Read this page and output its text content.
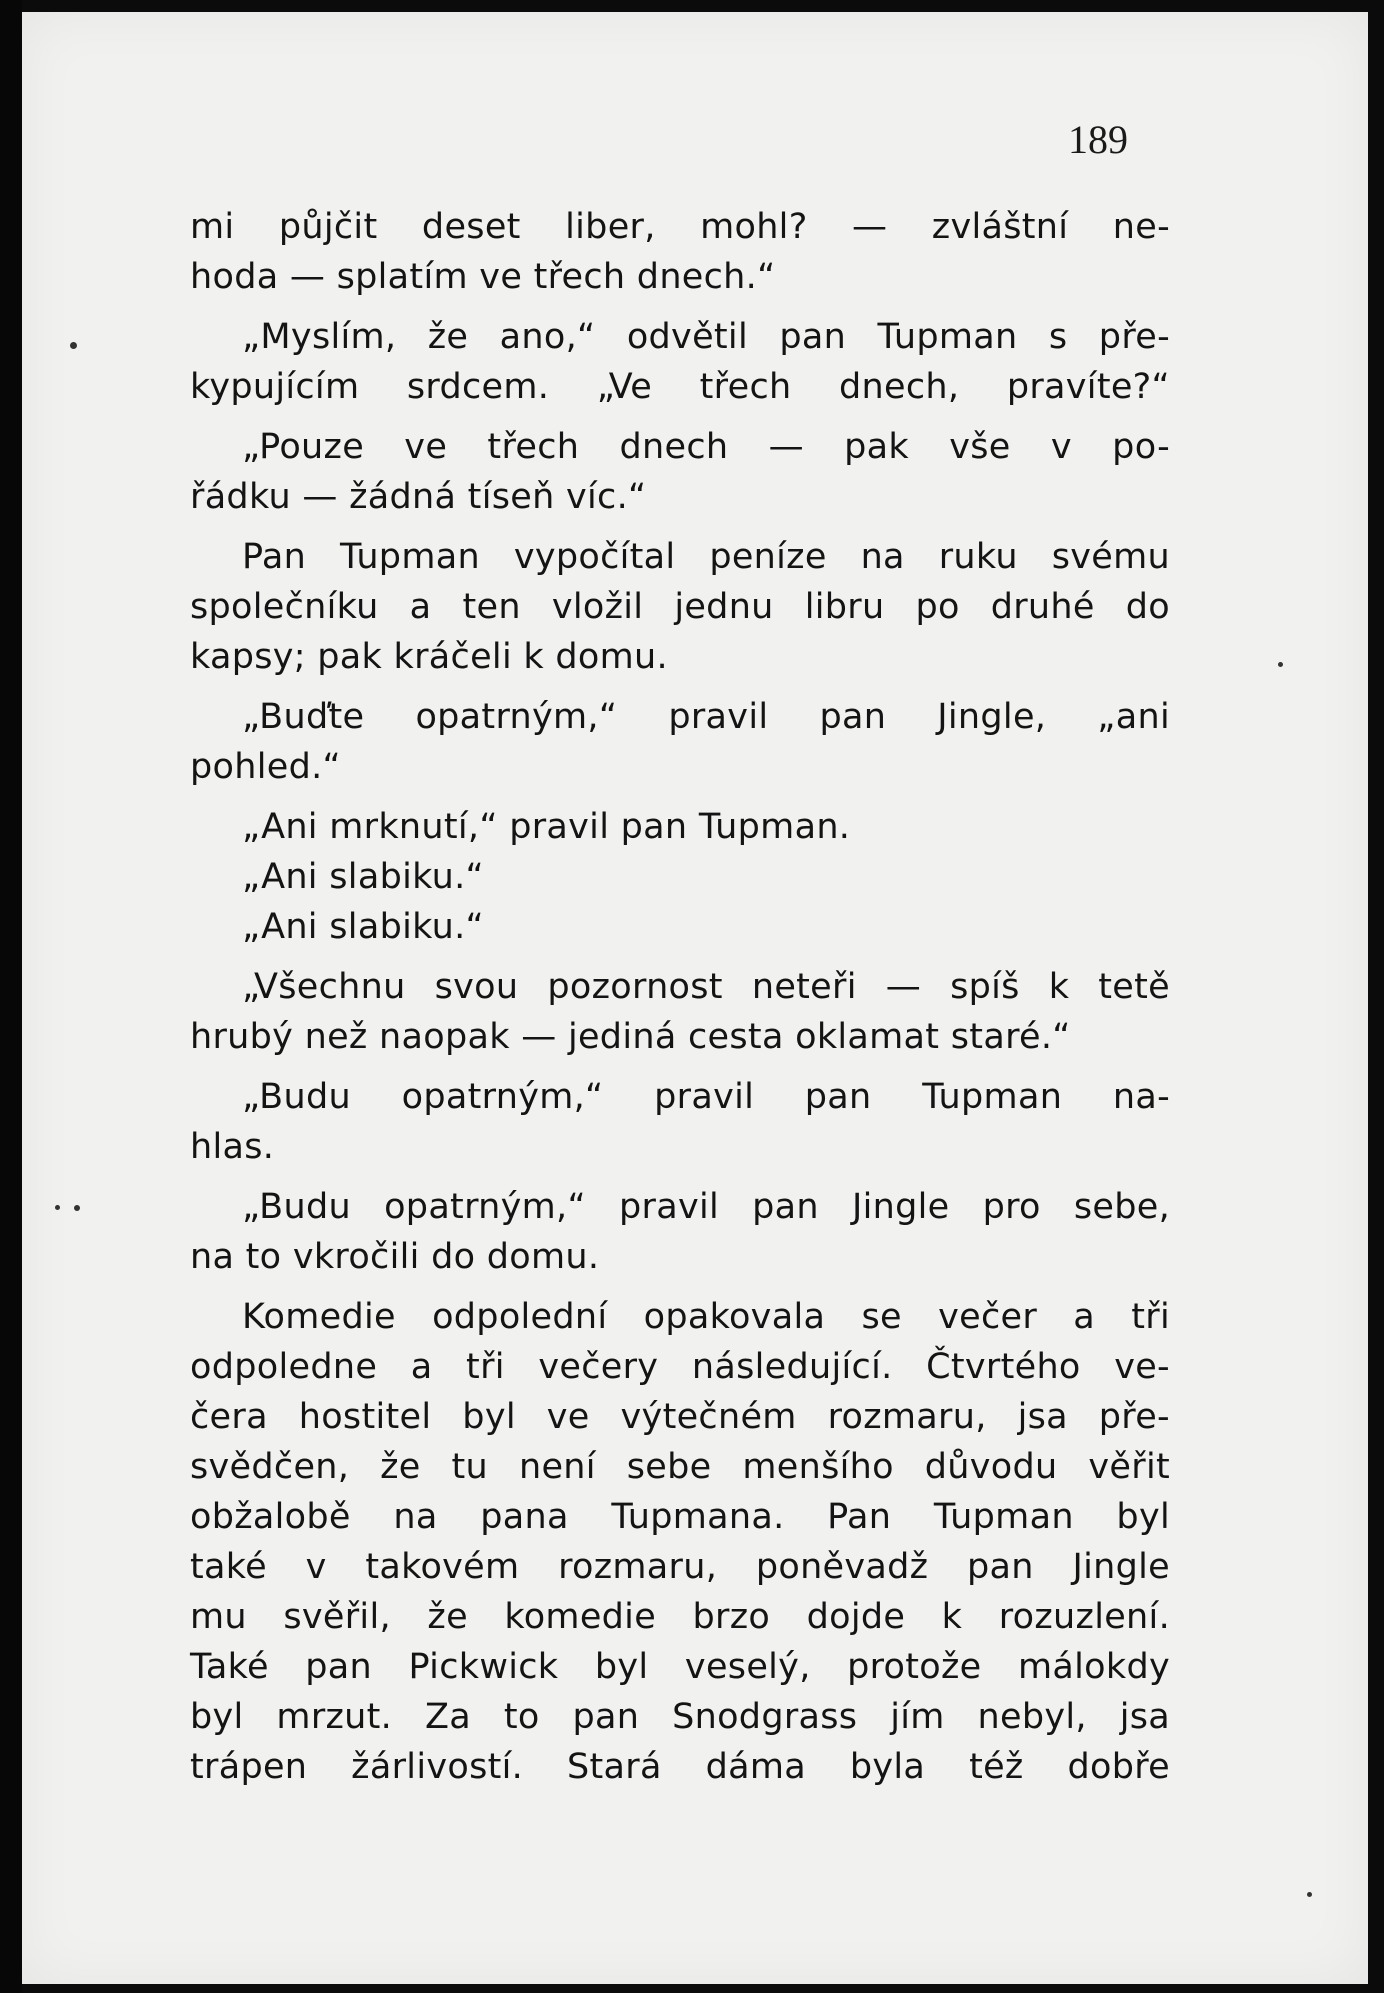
189
mi půjčit deset liber, mohl? — zvláštní ne-
hoda — splatím ve třech dnech.“
„Myslím, že ano,“ odvětil pan Tupman s pře-
kypujícím srdcem. „Ve třech dnech, pravíte?“
„Pouze ve třech dnech — pak vše v po-
řádku — žádná tíseň víc.“
Pan Tupman vypočítal peníze na ruku svému
společníku a ten vložil jednu libru po druhé do
kapsy; pak kráčeli k domu.
„Buďte opatrným,“ pravil pan Jingle, „ani
pohled.“
„Ani mrknutí,“ pravil pan Tupman.
„Ani slabiku.“
„Ani slabiku.“
„Všechnu svou pozornost neteři — spíš k tetě
hrubý než naopak — jediná cesta oklamat staré.“
„Budu opatrným,“ pravil pan Tupman na-
hlas.
„Budu opatrným,“ pravil pan Jingle pro sebe,
na to vkročili do domu.
Komedie odpolední opakovala se večer a tři
odpoledne a tři večery následující. Čtvrtého ve-
čera hostitel byl ve výtečném rozmaru, jsa pře-
svědčen, že tu není sebe menšího důvodu věřit
obžalobě na pana Tupmana. Pan Tupman byl
také v takovém rozmaru, poněvadž pan Jingle
mu svěřil, že komedie brzo dojde k rozuzlení.
Také pan Pickwick byl veselý, protože málokdy
byl mrzut. Za to pan Snodgrass jím nebyl, jsa
trápen žárlivostí. Stará dáma byla též dobře
